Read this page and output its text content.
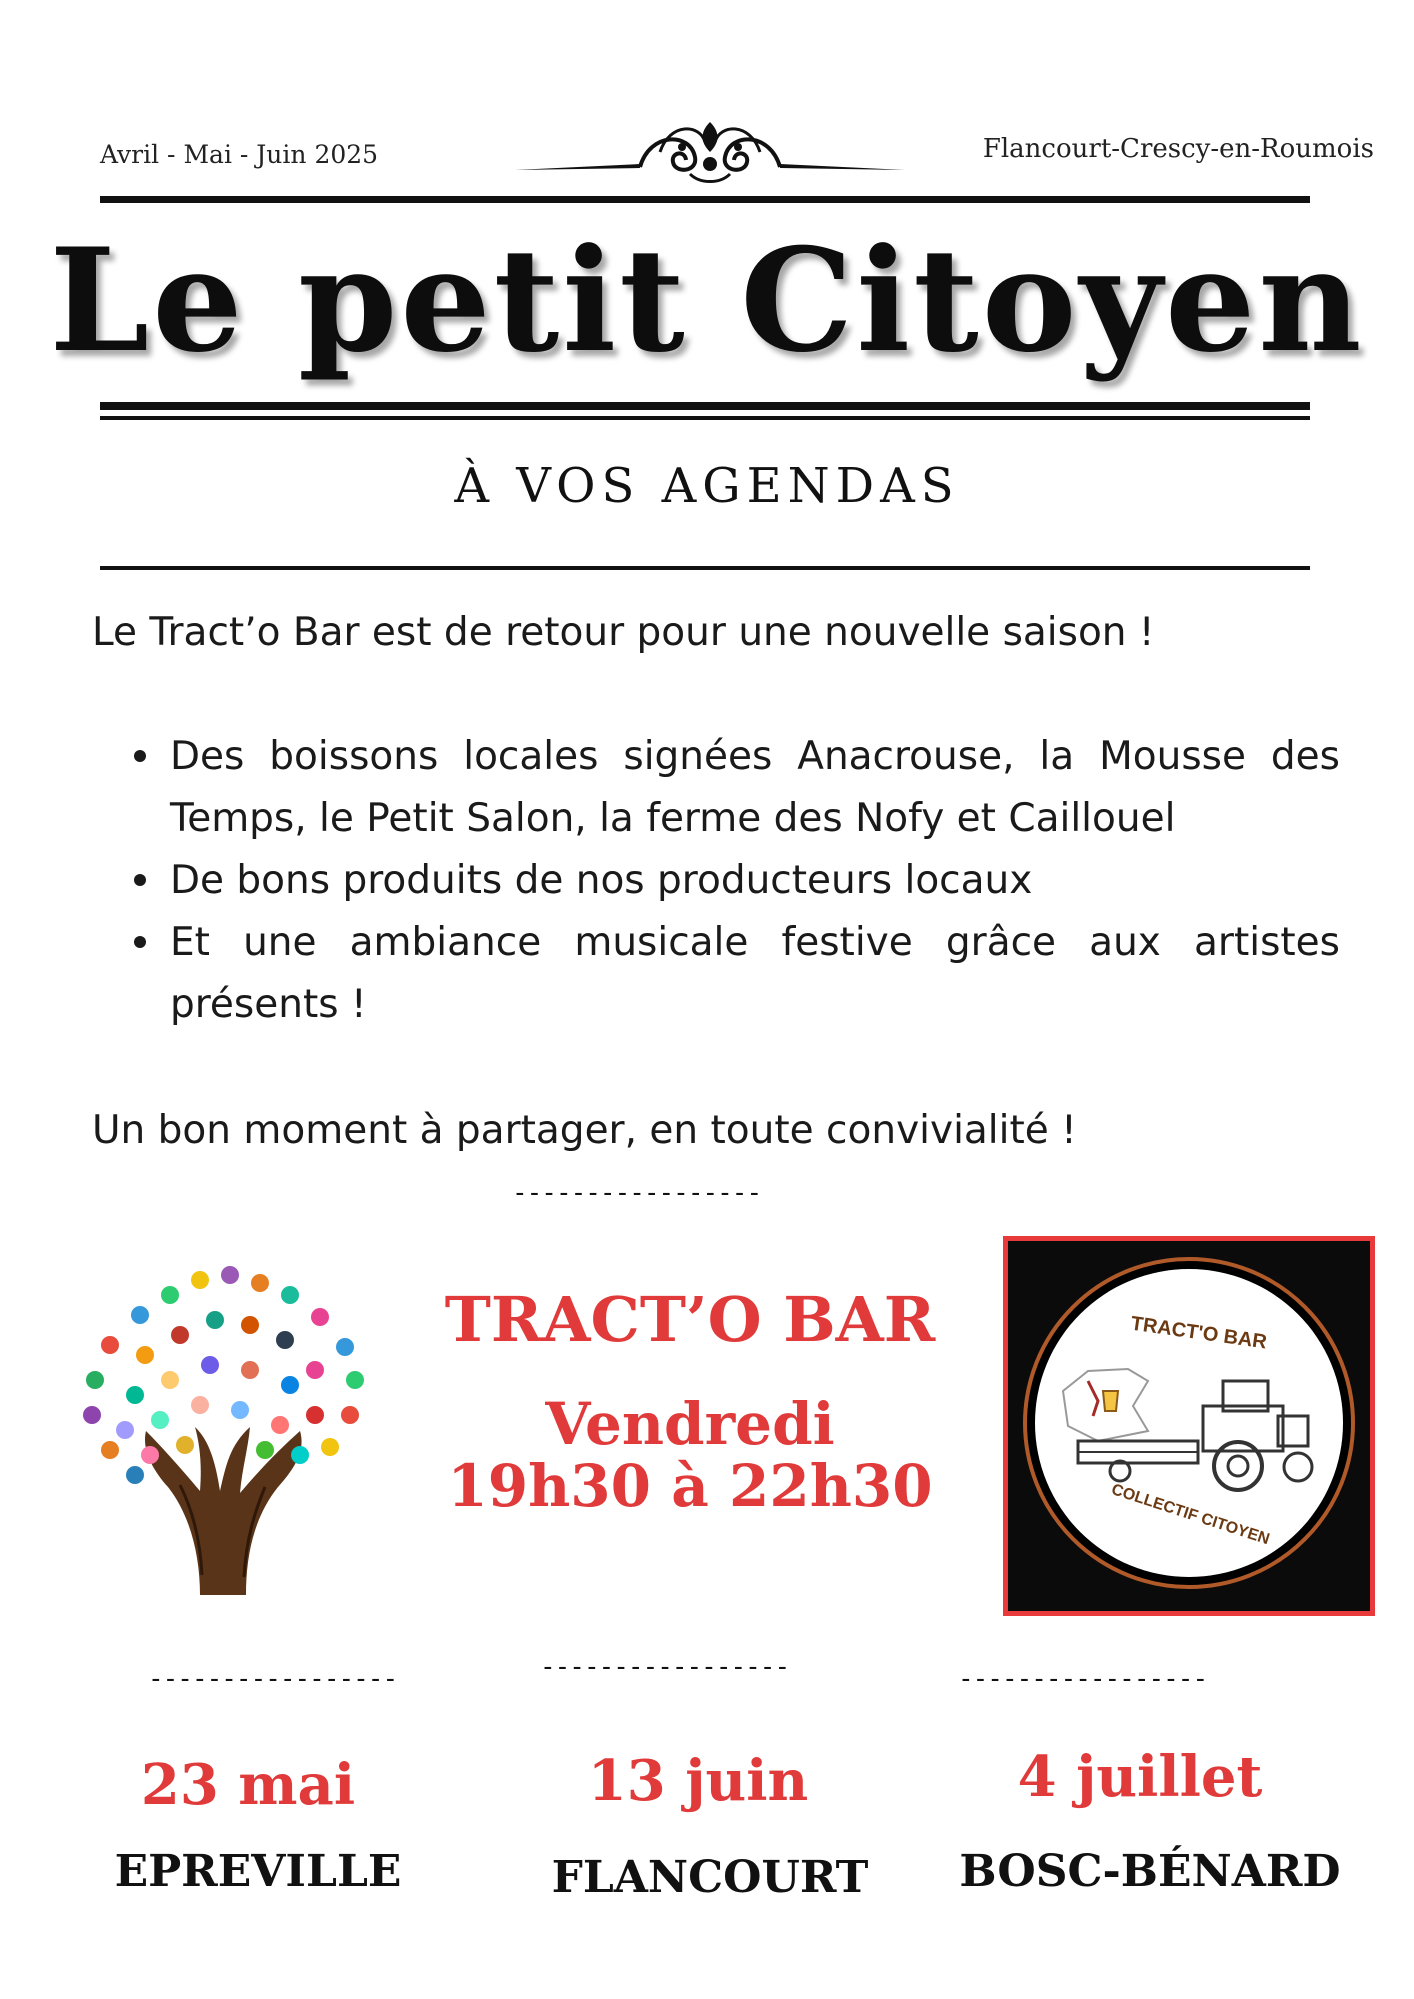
Avril - Mai - Juin 2025	Flancourt-Crescy-en-Roumois
Le petit Citoyen
À VOS AGENDAS
Le Tract’o Bar est de retour pour une nouvelle saison !
Des boissons locales signées Anacrouse, la Mousse des Temps, le Petit Salon, la ferme des Nofy et Caillouel
De bons produits de nos producteurs locaux
Et une ambiance musicale festive grâce aux artistes présents !
Un bon moment à partager, en toute convivialité !
-----------------
TRACT’O BAR
Vendredi
19h30 à 22h30
TRACT'O BAR
COLLECTIF CITOYEN
-----------------	-----------------	-----------------
23 mai	13 juin	4 juillet
EPREVILLE	FLANCOURT	BOSC-BÉNARD
